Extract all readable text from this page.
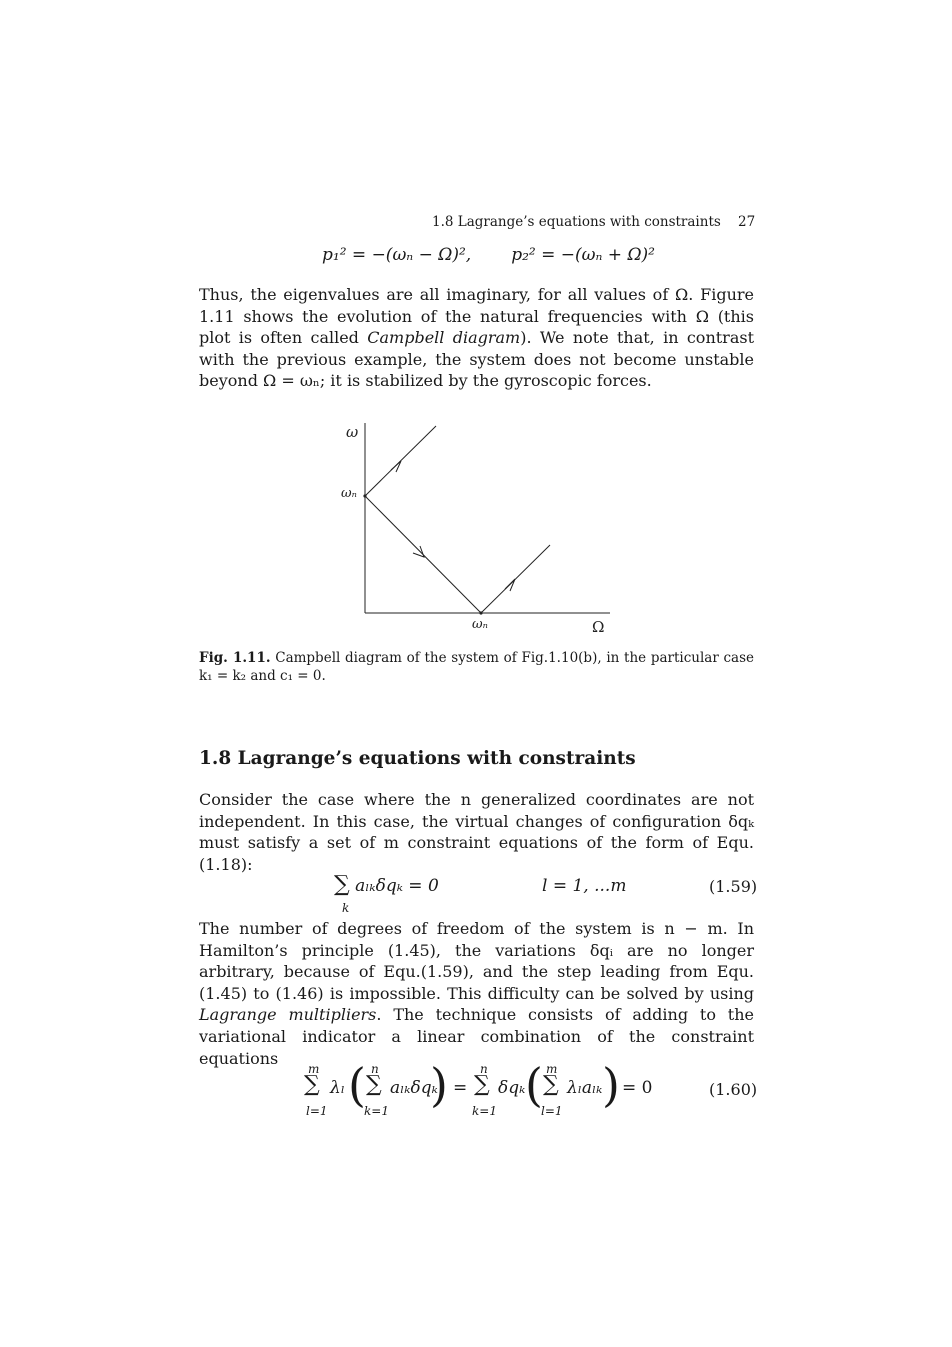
1.8 Lagrange’s equations with constraints 27
p₁² = −(ωₙ − Ω)², p₂² = −(ωₙ + Ω)²
Thus, the eigenvalues are all imaginary, for all values of Ω. Figure 1.11 shows the evolution of the natural frequencies with Ω (this plot is often called Campbell diagram). We note that, in contrast with the previous example, the system does not become unstable beyond Ω = ωₙ; it is stabilized by the gyroscopic forces.
ω
ωₙ
ωₙ	Ω
Fig. 1.11. Campbell diagram of the system of Fig.1.10(b), in the particular case k₁ = k₂ and c₁ = 0.
1.8 Lagrange’s equations with constraints
Consider the case where the n generalized coordinates are not independent. In this case, the virtual changes of configuration δqₖ must satisfy a set of m constraint equations of the form of Equ.(1.18):
∑ aₗₖδqₖ = 0
k
l = 1, ...m	(1.59)
The number of degrees of freedom of the system is n − m. In Hamilton’s principle (1.45), the variations δqᵢ are no longer arbitrary, because of Equ.(1.59), and the step leading from Equ.(1.45) to (1.46) is impossible. This difficulty can be solved by using Lagrange multipliers. The technique consists of adding to the variational indicator a linear combination of the constraint equations
m
∑
l=1
λₗ ( n
∑
k=1
aₗₖδqₖ
) =
n
∑
k=1
δqₖ ( m
∑
l=1
λₗaₗₖ ) = 0	(1.60)
